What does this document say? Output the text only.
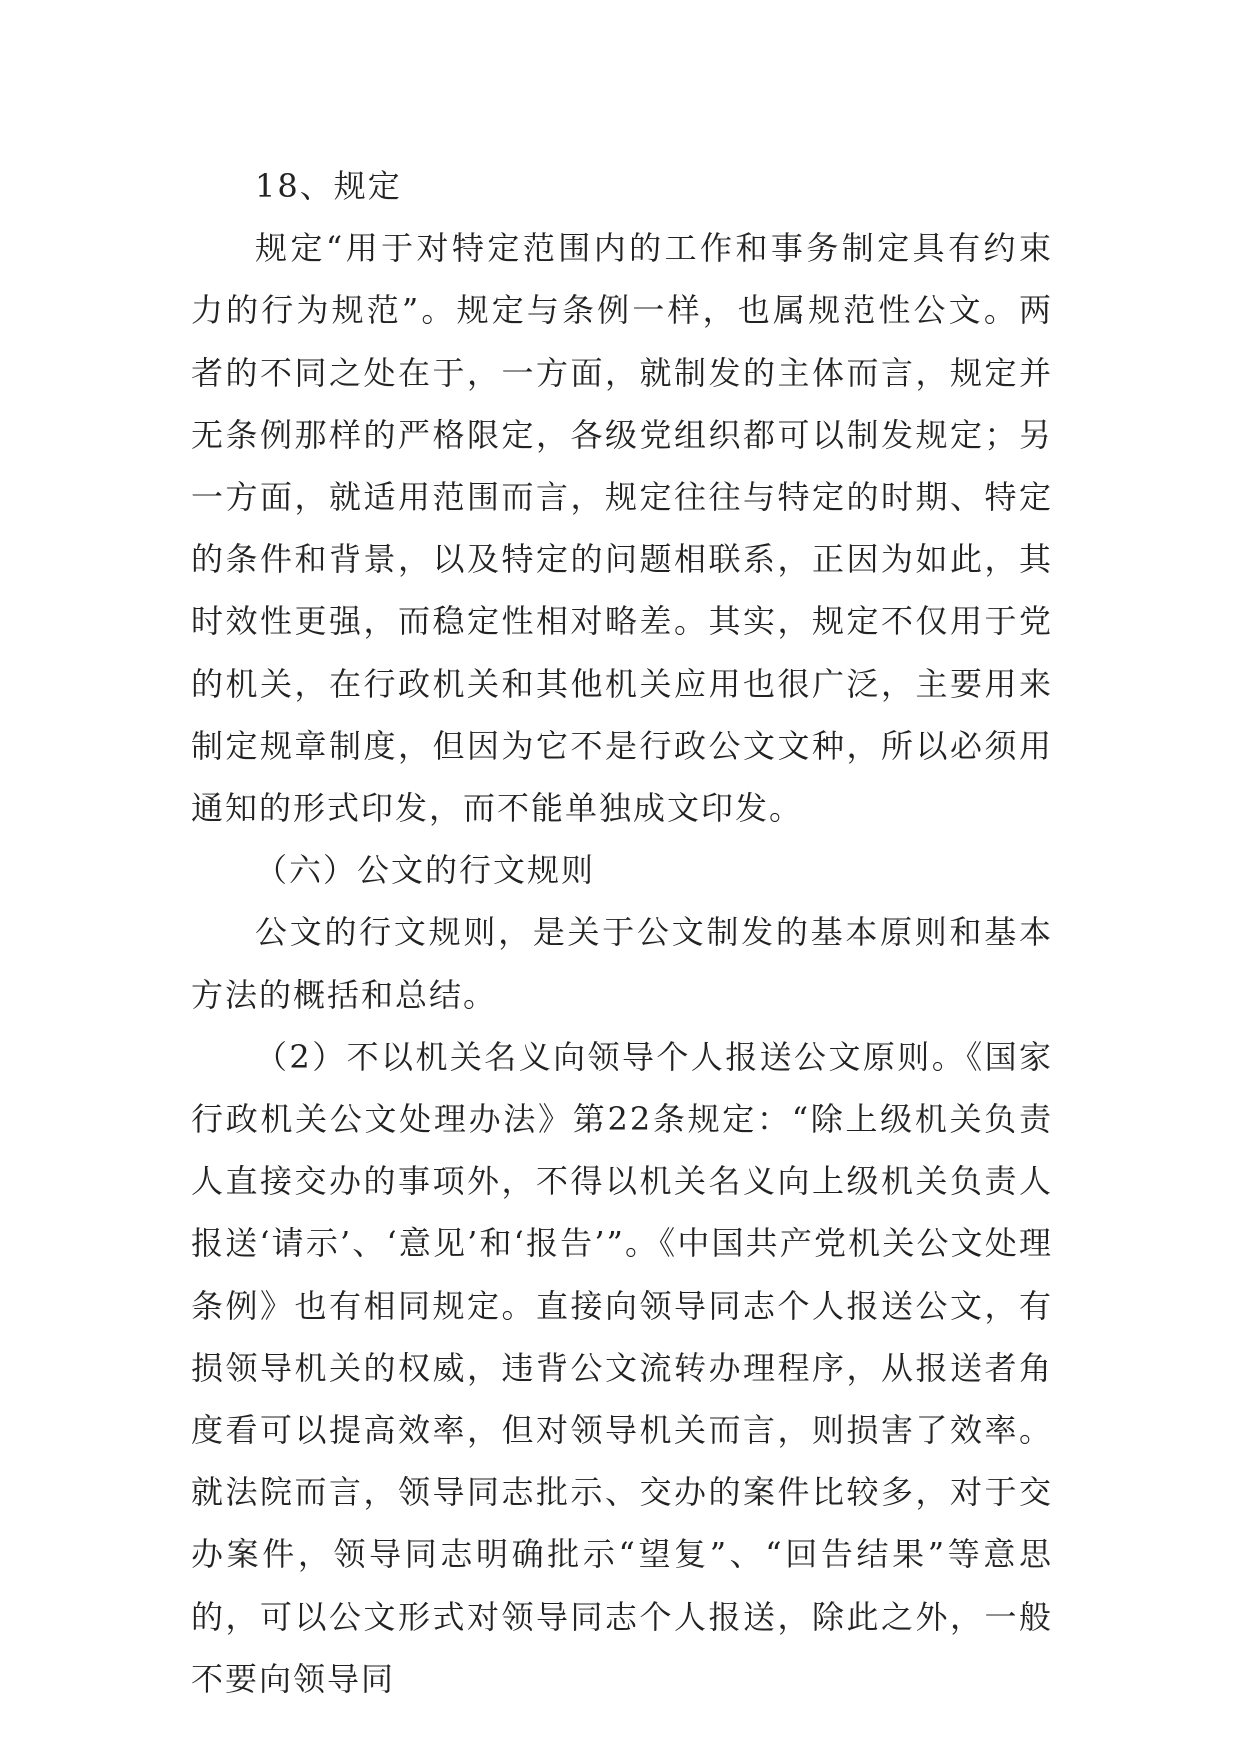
18、规定

规定“用于对特定范围内的工作和事务制定具有约束力的行为规范”。规定与条例一样，也属规范性公文。两者的不同之处在于，一方面，就制发的主体而言，规定并无条例那样的严格限定，各级党组织都可以制发规定；另一方面，就适用范围而言，规定往往与特定的时期、特定的条件和背景，以及特定的问题相联系，正因为如此，其时效性更强，而稳定性相对略差。其实，规定不仅用于党的机关，在行政机关和其他机关应用也很广泛，主要用来制定规章制度，但因为它不是行政公文文种，所以必须用通知的形式印发，而不能单独成文印发。

（六）公文的行文规则

公文的行文规则，是关于公文制发的基本原则和基本方法的概括和总结。

（2）不以机关名义向领导个人报送公文原则。《国家行政机关公文处理办法》第22条规定：“除上级机关负责人直接交办的事项外，不得以机关名义向上级机关负责人报送‘请示’、‘意见’和‘报告’”。《中国共产党机关公文处理条例》也有相同规定。直接向领导同志个人报送公文，有损领导机关的权威，违背公文流转办理程序，从报送者角度看可以提高效率，但对领导机关而言，则损害了效率。就法院而言，领导同志批示、交办的案件比较多，对于交办案件，领导同志明确批示“望复”、“回告结果”等意思的，可以公文形式对领导同志个人报送，除此之外，一般不要向领导同
